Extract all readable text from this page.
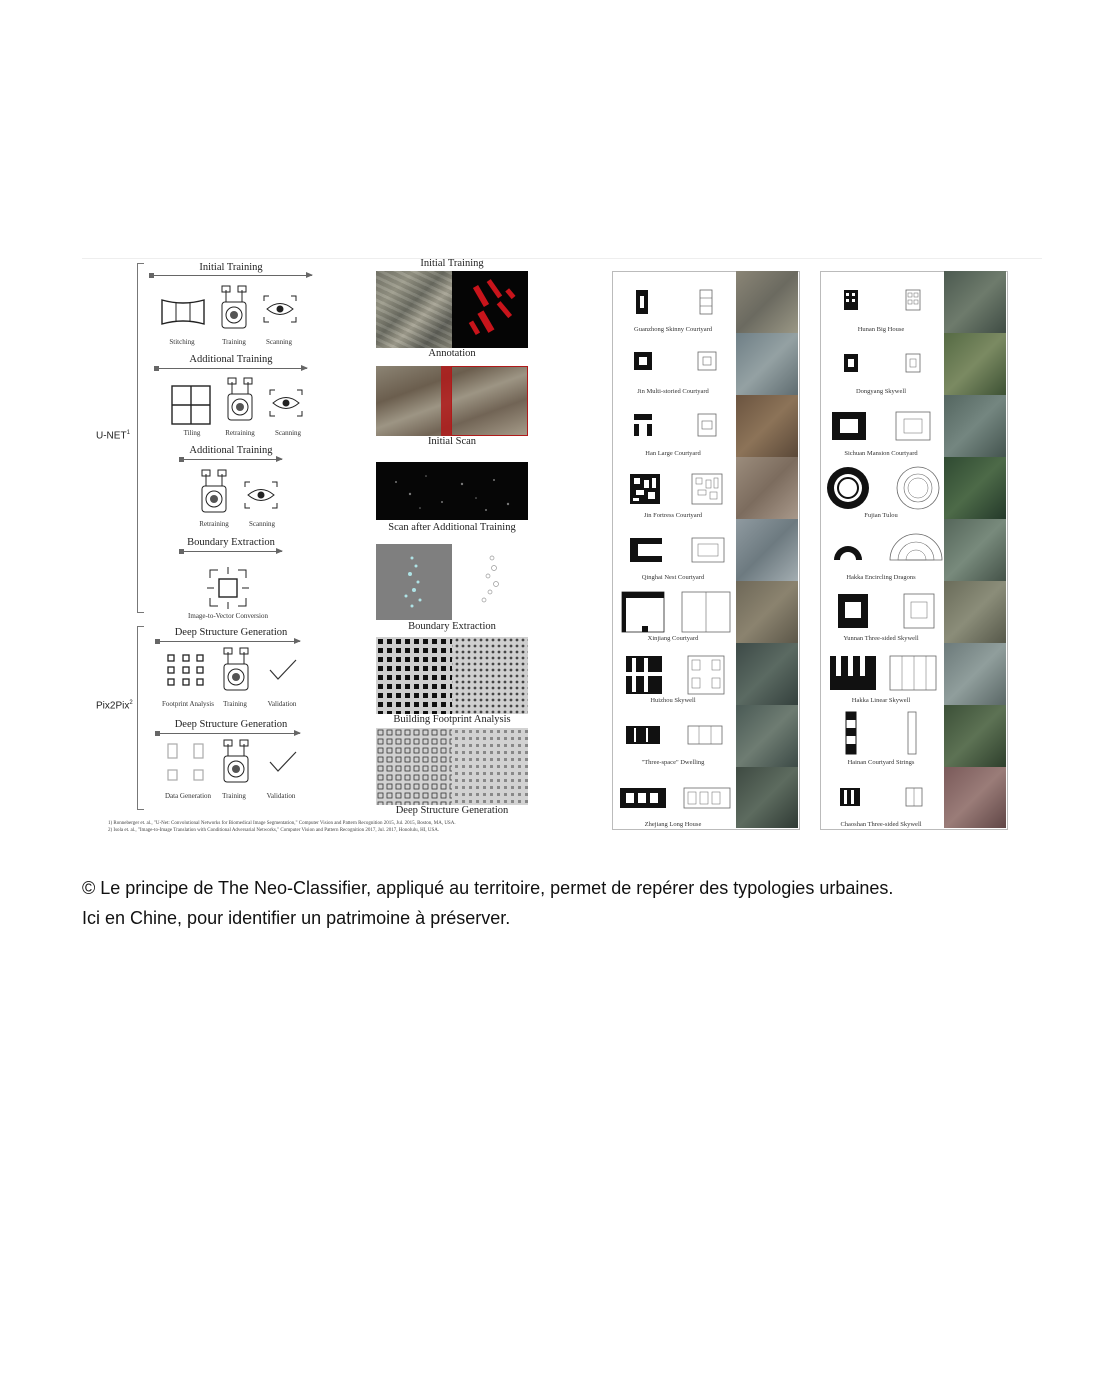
U-NET$^1$
Pix2Pix$^2$
Initial Training
Stitching	Training	Scanning
Additional Training
Tiling	Retraining	Scanning
Additional Training
Retraining	Scanning
Boundary Extraction
Image-to-Vector Conversion
Deep Structure Generation
Footprint Analysis	Training	Validation
Deep Structure Generation
Data Generation	Training	Validation
1) Ronneberger et. al., "U-Net: Convolutional Networks for Biomedical Image Segmentation," Computer Vision and Pattern Recognition 2015, Jul. 2015, Boston, MA, USA.
2) Isola et. al., "Image-to-Image Translation with Conditional Adversarial Networks," Computer Vision and Pattern Recognition 2017, Jul. 2017, Honolulu, HI, USA.
Initial Training
Annotation
Initial Scan
Scan after Additional Training
Boundary Extraction
Building Footprint Analysis
Deep Structure Generation
Guanzhong Skinny Courtyard
Jin Multi-storied Courtyard
Han Large Courtyard
Jin Fortress Courtyard
Qinghai Nest Courtyard
Xinjiang Courtyard
Huizhou Skywell
"Three-space" Dwelling
Zhejiang Long House
Hunan Big House
Dongyang Skywell
Sichuan Mansion Courtyard
Fujian Tulou
Hakka Encircling Dragons
Yunnan Three-sided Skywell
Hakka Linear Skywell
Hainan Courtyard Strings
Chaoshan Three-sided Skywell
© Le principe de The Neo-Classifier, appliqué au territoire, permet de repérer des typologies urbaines.
Ici en Chine, pour identifier un patrimoine à préserver.
